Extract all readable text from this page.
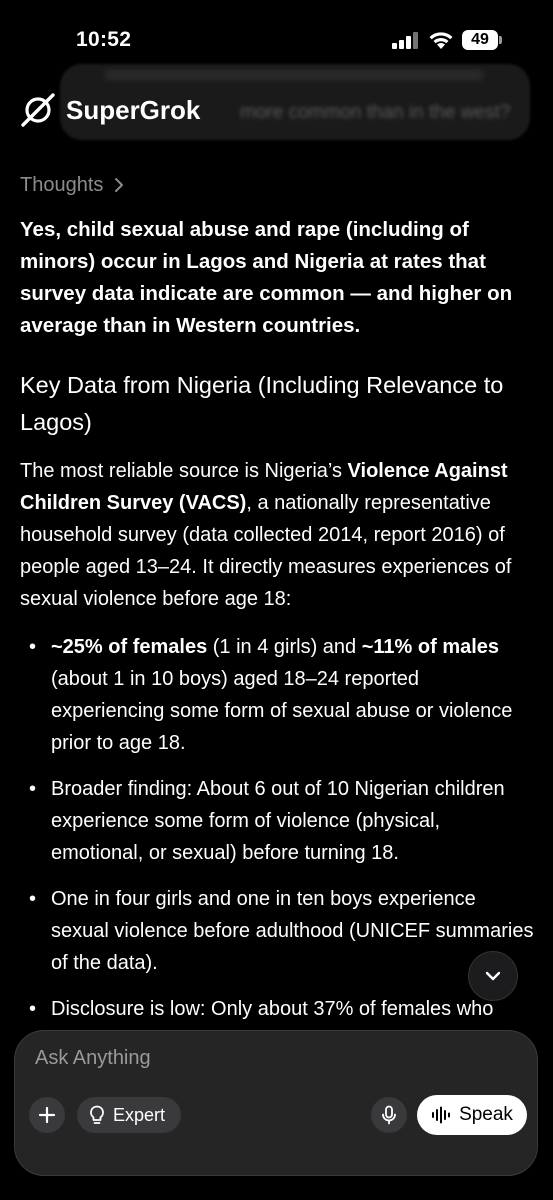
10:52	49
more common than in the west?
SuperGrok
Thoughts
Yes, child sexual abuse and rape (including of minors) occur in Lagos and Nigeria at rates that survey data indicate are common — and higher on average than in Western countries.
Key Data from Nigeria (Including Relevance to Lagos)
The most reliable source is Nigeria’s Violence Against Children Survey (VACS), a nationally representative household survey (data collected 2014, report 2016) of people aged 13–24. It directly measures experiences of sexual violence before age 18:
• ~25% of females (1 in 4 girls) and ~11% of males (about 1 in 10 boys) aged 18–24 reported experiencing some form of sexual abuse or violence prior to age 18.
• Broader finding: About 6 out of 10 Nigerian children experience some form of violence (physical, emotional, or sexual) before turning 18.
• One in four girls and one in ten boys experience sexual violence before adulthood (UNICEF summaries of the data).
• Disclosure is low: Only about 37% of females who
Ask Anything
Expert	Speak
